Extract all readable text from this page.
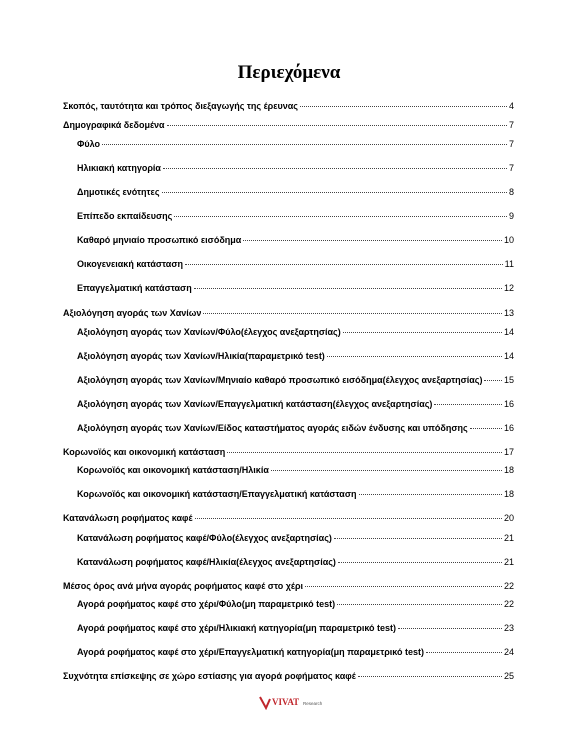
Περιεχόμενα
Σκοπός, ταυτότητα και τρόπος διεξαγωγής της έρευνας	4
Δημογραφικά δεδομένα	7
Φύλο	7
Ηλικιακή κατηγορία	7
Δημοτικές ενότητες	8
Επίπεδο εκπαίδευσης	9
Καθαρό μηνιαίο προσωπικό εισόδημα	10
Οικογενειακή κατάσταση	11
Επαγγελματική κατάσταση	12
Αξιολόγηση αγοράς των Χανίων	13
Αξιολόγηση αγοράς των Χανίων/Φύλο(έλεγχος ανεξαρτησίας)	14
Αξιολόγηση αγοράς των Χανίων/Ηλικία(παραμετρικό test)	14
Αξιολόγηση αγοράς των Χανίων/Μηνιαίο καθαρό προσωπικό εισόδημα(έλεγχος ανεξαρτησίας) 15
Αξιολόγηση αγοράς των Χανίων/Επαγγελματική κατάσταση(έλεγχος ανεξαρτησίας)	16
Αξιολόγηση αγοράς των Χανίων/Είδος καταστήματος αγοράς ειδών ένδυσης και υπόδησης	16
Κορωνοϊός και οικονομική κατάσταση	17
Κορωνοϊός και οικονομική κατάσταση/Ηλικία	18
Κορωνοϊός και οικονομική κατάσταση/Επαγγελματική κατάσταση	18
Κατανάλωση ροφήματος καφέ	20
Κατανάλωση ροφήματος καφέ/Φύλο(έλεγχος ανεξαρτησίας)	21
Κατανάλωση ροφήματος καφέ/Ηλικία(έλεγχος ανεξαρτησίας)	21
Μέσος όρος ανά μήνα αγοράς ροφήματος καφέ στο χέρι	22
Αγορά ροφήματος καφέ στο χέρι/Φύλο(μη παραμετρικό test)	22
Αγορά ροφήματος καφέ στο χέρι/Ηλικιακή κατηγορία(μη παραμετρικό test)	23
Αγορά ροφήματος καφέ στο χέρι/Επαγγελματική κατηγορία(μη παραμετρικό test)	24
Συχνότητα επίσκεψης σε χώρο εστίασης για αγορά ροφήματος καφέ	25
VIVAT Research
